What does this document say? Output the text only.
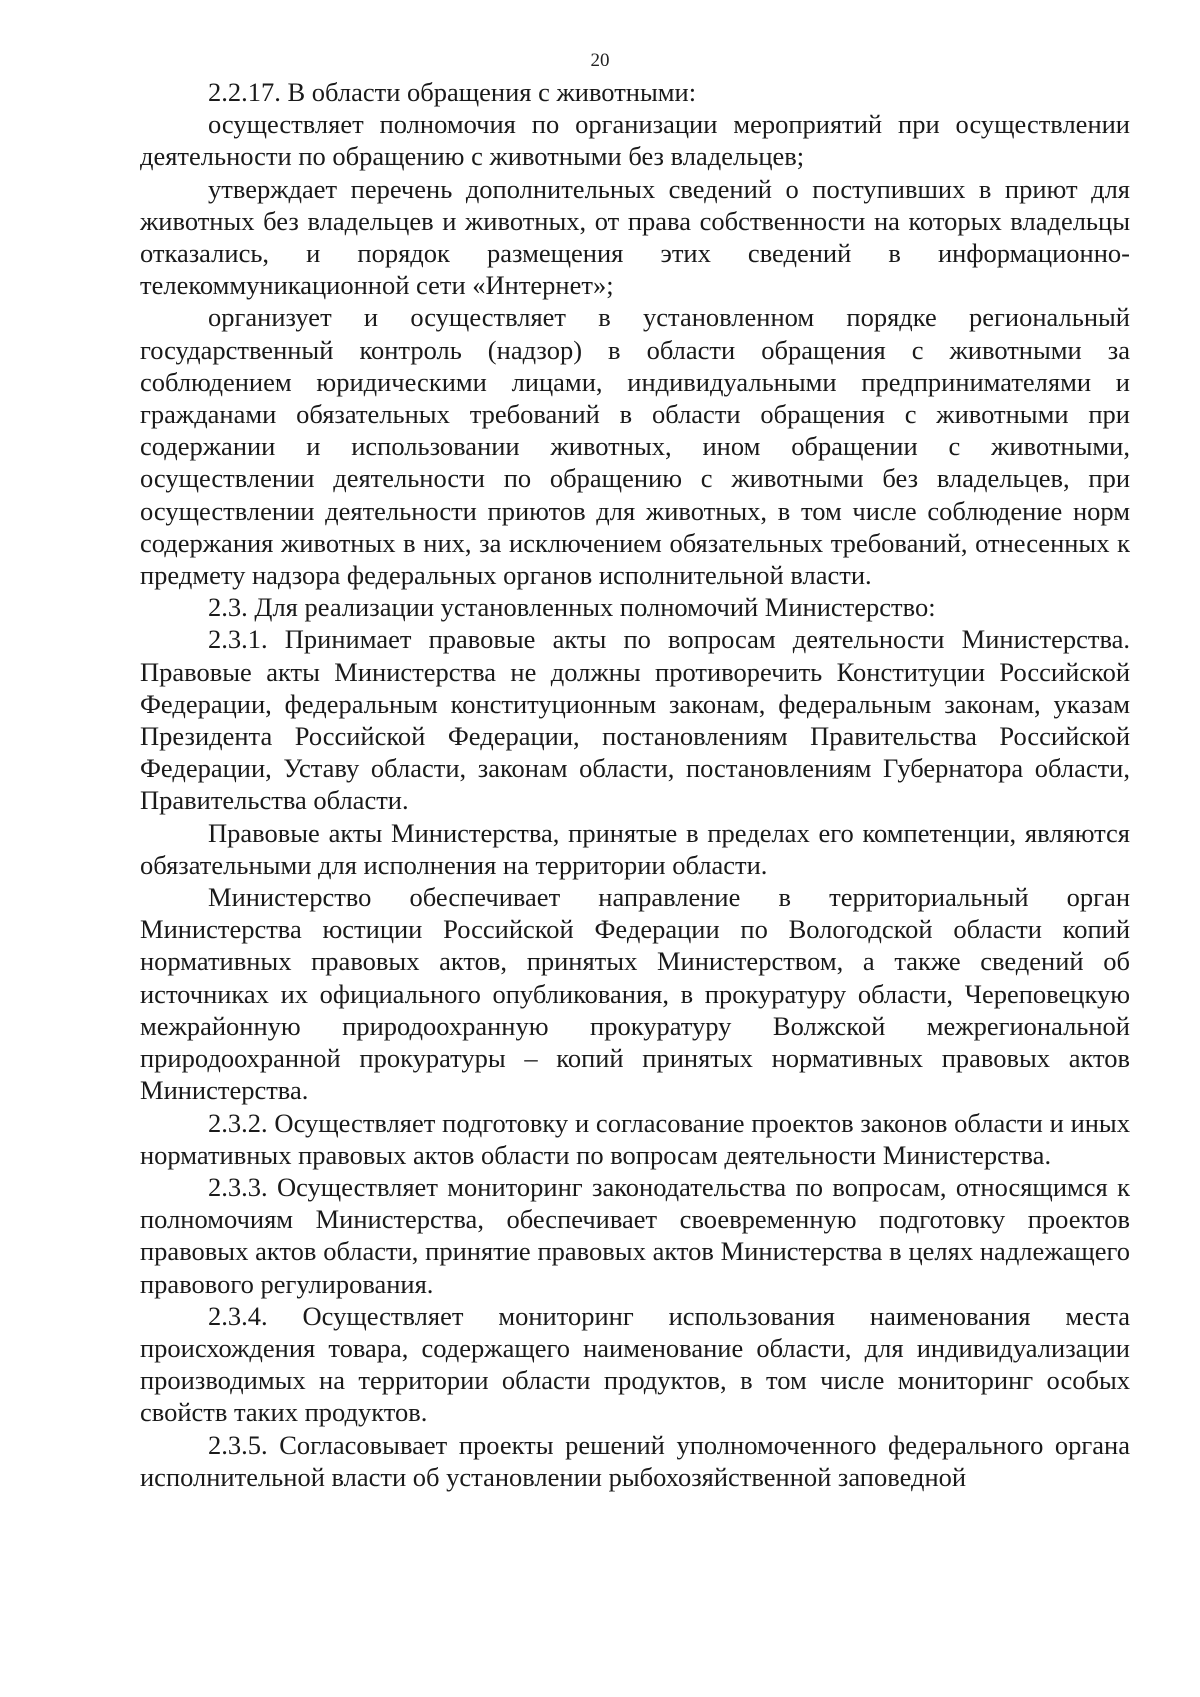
20

2.2.17. В области обращения с животными:

осуществляет полномочия по организации мероприятий при осуществлении деятельности по обращению с животными без владельцев;

утверждает перечень дополнительных сведений о поступивших в приют для животных без владельцев и животных, от права собственности на которых владельцы отказались, и порядок размещения этих сведений в информационно-телекоммуникационной сети «Интернет»;

организует и осуществляет в установленном порядке региональный государственный контроль (надзор) в области обращения с животными за соблюдением юридическими лицами, индивидуальными предпринимателями и гражданами обязательных требований в области обращения с животными при содержании и использовании животных, ином обращении с животными, осуществлении деятельности по обращению с животными без владельцев, при осуществлении деятельности приютов для животных, в том числе соблюдение норм содержания животных в них, за исключением обязательных требований, отнесенных к предмету надзора федеральных органов исполнительной власти.

2.3. Для реализации установленных полномочий Министерство:

2.3.1. Принимает правовые акты по вопросам деятельности Министерства. Правовые акты Министерства не должны противоречить Конституции Российской Федерации, федеральным конституционным законам, федеральным законам, указам Президента Российской Федерации, постановлениям Правительства Российской Федерации, Уставу области, законам области, постановлениям Губернатора области, Правительства области.

Правовые акты Министерства, принятые в пределах его компетенции, являются обязательными для исполнения на территории области.

Министерство обеспечивает направление в территориальный орган Министерства юстиции Российской Федерации по Вологодской области копий нормативных правовых актов, принятых Министерством, а также сведений об источниках их официального опубликования, в прокуратуру области, Череповецкую межрайонную природоохранную прокуратуру Волжской межрегиональной природоохранной прокуратуры – копий принятых нормативных правовых актов Министерства.

2.3.2. Осуществляет подготовку и согласование проектов законов области и иных нормативных правовых актов области по вопросам деятельности Министерства.

2.3.3. Осуществляет мониторинг законодательства по вопросам, относящимся к полномочиям Министерства, обеспечивает своевременную подготовку проектов правовых актов области, принятие правовых актов Министерства в целях надлежащего правового регулирования.

2.3.4. Осуществляет мониторинг использования наименования места происхождения товара, содержащего наименование области, для индивидуализации производимых на территории области продуктов, в том числе мониторинг особых свойств таких продуктов.

2.3.5. Согласовывает проекты решений уполномоченного федерального органа исполнительной власти об установлении рыбохозяйственной заповедной
